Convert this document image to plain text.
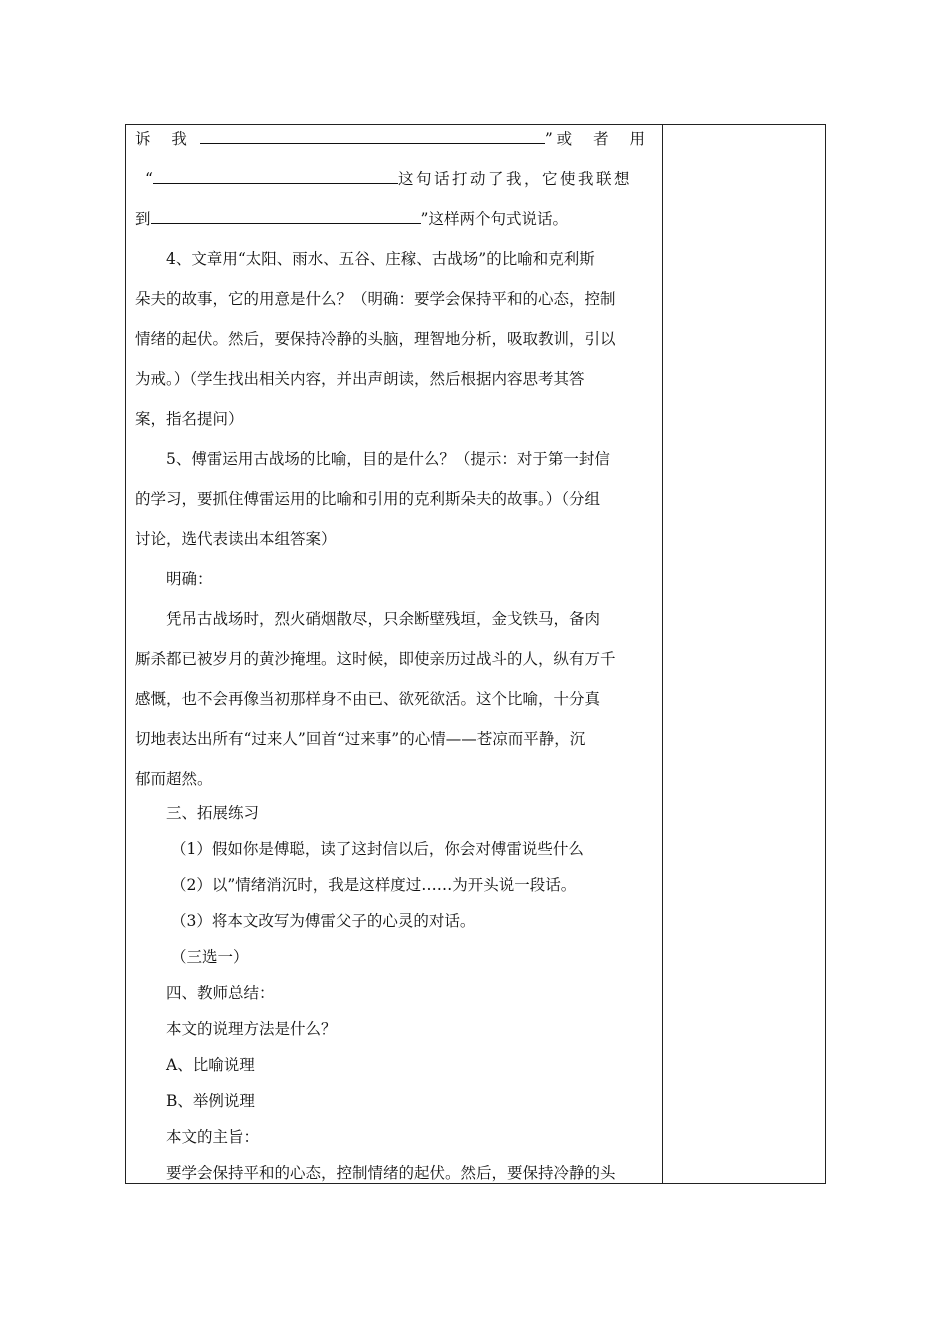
诉 我	” 或 者 用
“	这句话打动了我，它使我联想
到	”这样两个句式说话。
4、文章用“太阳、雨水、五谷、庄稼、古战场”的比喻和克利斯
朵夫的故事，它的用意是什么？（明确：要学会保持平和的心态，控制
情绪的起伏。然后，要保持冷静的头脑，理智地分析，吸取教训，引以
为戒。）（学生找出相关内容，并出声朗读，然后根据内容思考其答
案，指名提问）
5、傅雷运用古战场的比喻，目的是什么？（提示：对于第一封信
的学习，要抓住傅雷运用的比喻和引用的克利斯朵夫的故事。）（分组
讨论，选代表读出本组答案）
明确：
凭吊古战场时，烈火硝烟散尽，只余断壁残垣，金戈铁马，备肉
厮杀都已被岁月的黄沙掩埋。这时候，即使亲历过战斗的人，纵有万千
感慨，也不会再像当初那样身不由已、欲死欲活。这个比喻，十分真
切地表达出所有“过来人”回首“过来事”的心情——苍凉而平静，沉
郁而超然。
三、拓展练习
（1）假如你是傅聪，读了这封信以后，你会对傅雷说些什么
（2）以”情绪消沉时，我是这样度过……为开头说一段话。
（3）将本文改写为傅雷父子的心灵的对话。
（三选一）
四、教师总结：
本文的说理方法是什么？
A、比喻说理
B、举例说理
本文的主旨：
要学会保持平和的心态，控制情绪的起伏。然后，要保持冷静的头
